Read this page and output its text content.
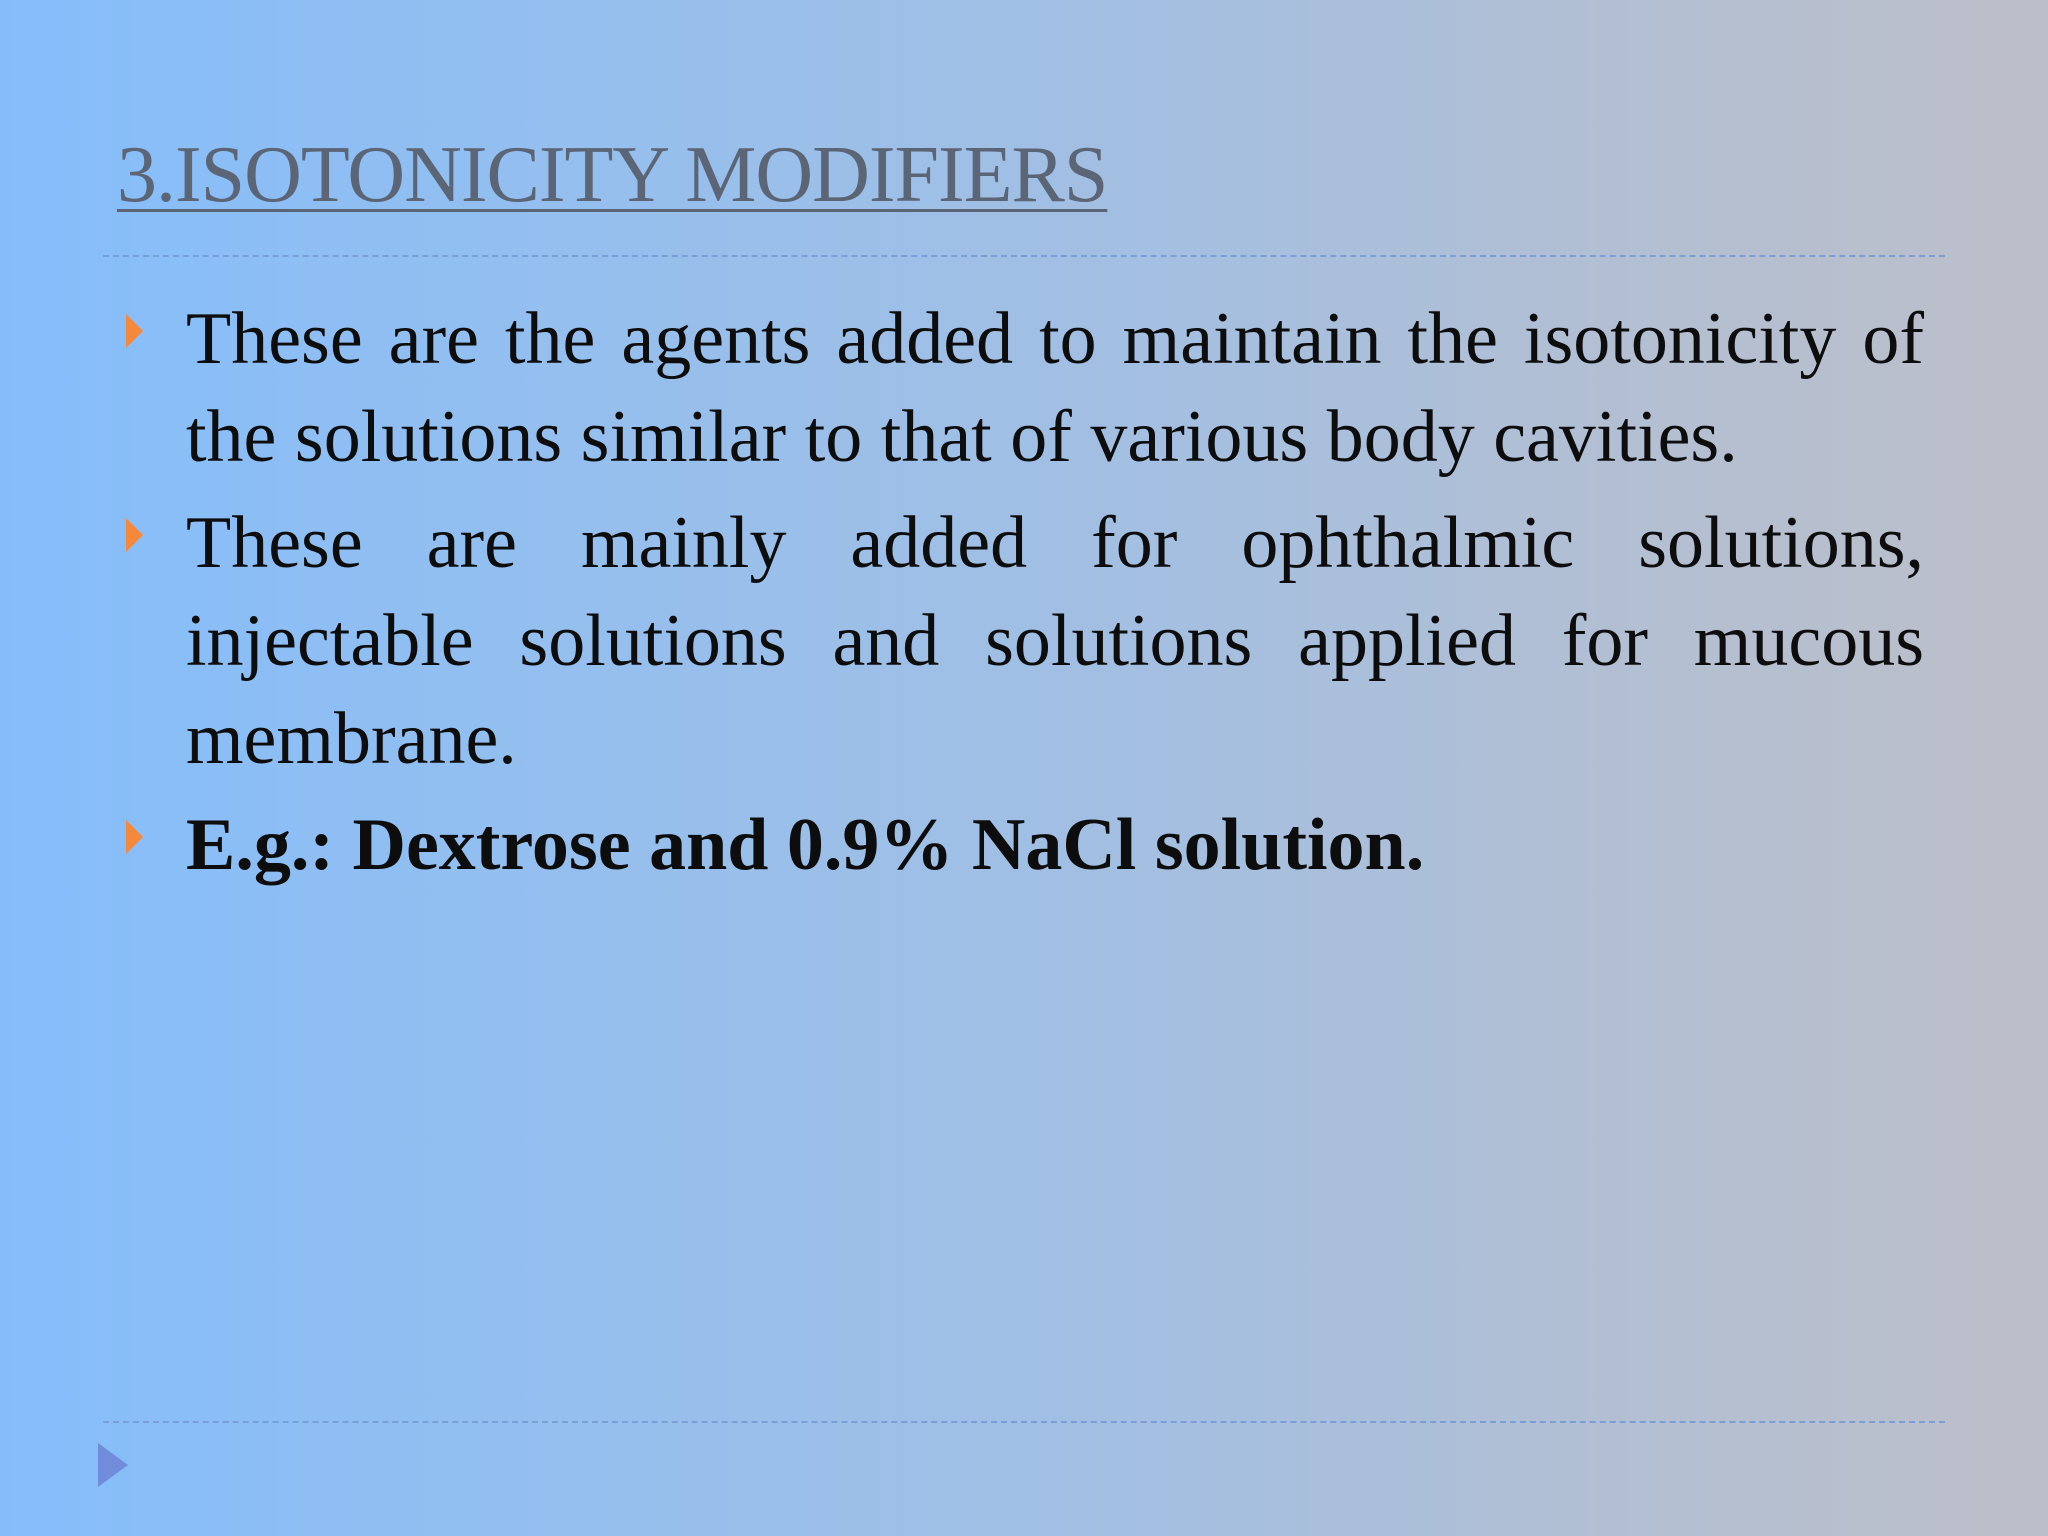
3.ISOTONICITY MODIFIERS
These are the agents added to maintain the isotonicity of the solutions similar to that of various body cavities.
These are mainly added for ophthalmic solutions, injectable solutions and solutions applied for mucous membrane.
E.g.: Dextrose and 0.9% NaCl solution.
